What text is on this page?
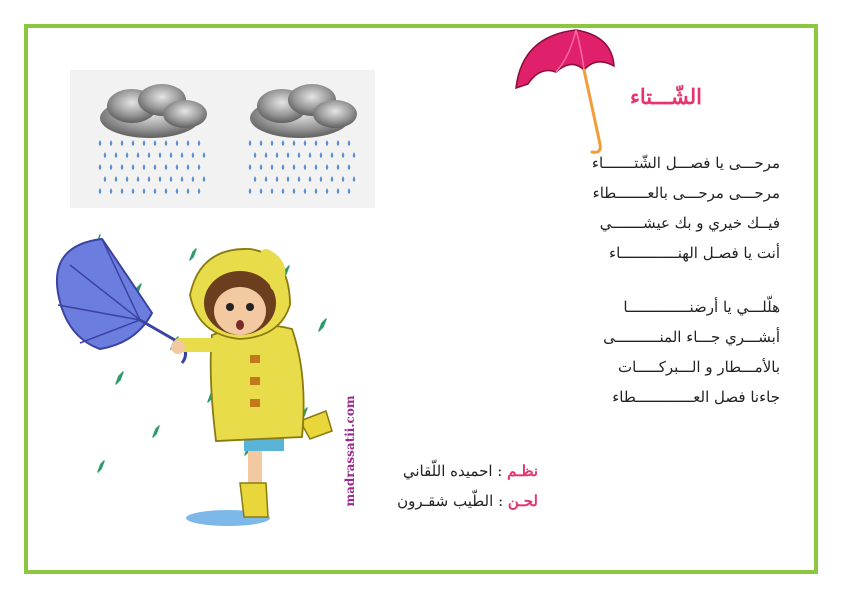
الشّـــتاء
مرحـــى يا فصـــل الشّتـــــــاء
مرحـــى مرحـــى بالعـــــــطاء
فيــك خيري و بك عيشـــــــي
أنت يا فصـل الهنـــــــــــــاء
هلّلـــي يا أرضنــــــــــــــا
أبشـــري جـــاء المنــــــــــى
بالأمـــطار و الـــبركـــــات
جاءنا فصل العـــــــــــــطاء
نظـم : احميده اللّقاني
لحـن : الطّيب شقـرون
madrassatii.com
